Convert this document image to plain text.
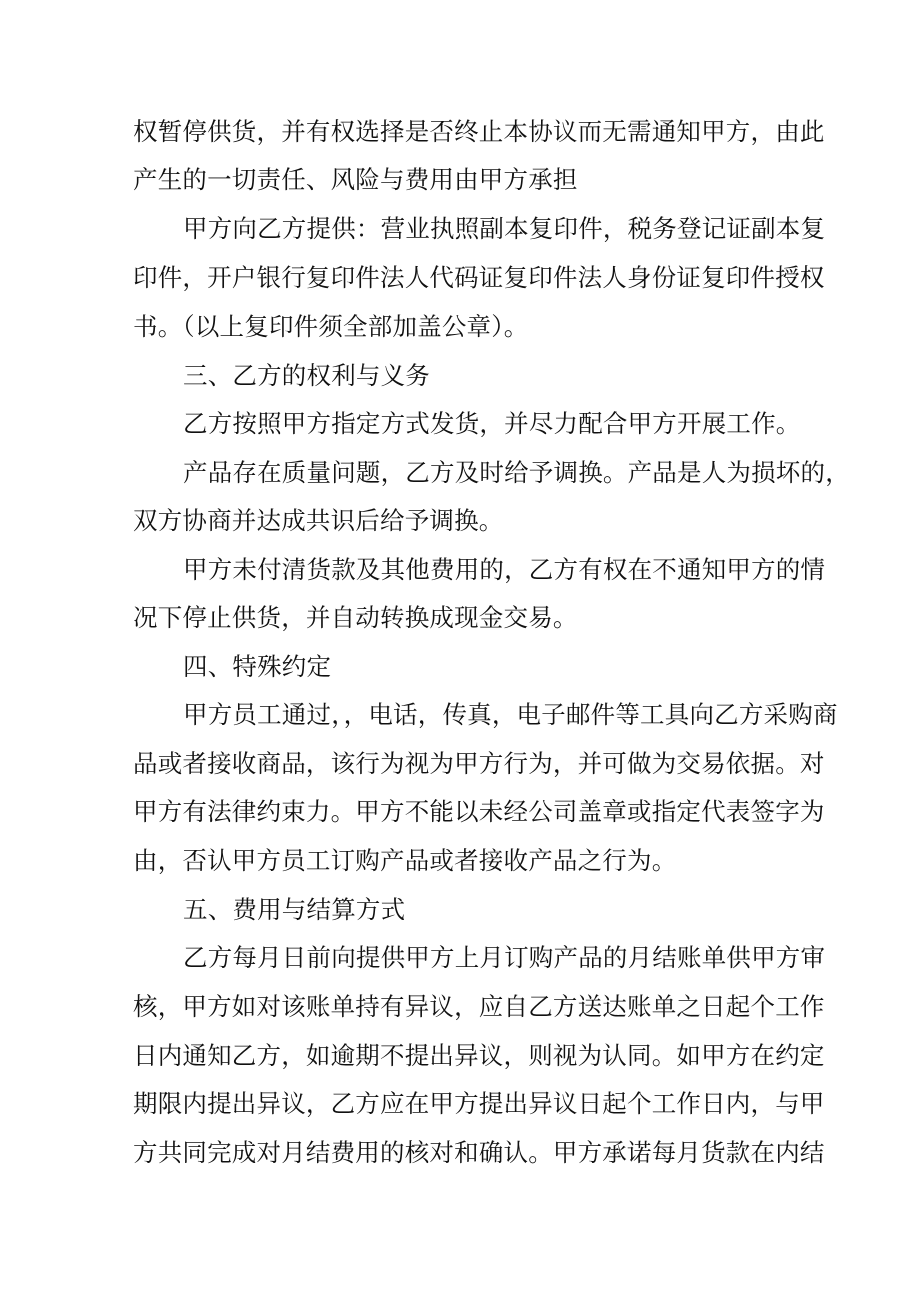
权暂停供货，并有权选择是否终止本协议而无需通知甲方，由此
产生的一切责任、风险与费用由甲方承担
甲方向乙方提供：营业执照副本复印件，税务登记证副本复
印件，开户银行复印件法人代码证复印件法人身份证复印件授权
书。（以上复印件须全部加盖公章）。
三、乙方的权利与义务
乙方按照甲方指定方式发货，并尽力配合甲方开展工作。
产品存在质量问题，乙方及时给予调换。产品是人为损坏的，
双方协商并达成共识后给予调换。
甲方未付清货款及其他费用的，乙方有权在不通知甲方的情
况下停止供货，并自动转换成现金交易。
四、特殊约定
甲方员工通过，，电话，传真，电子邮件等工具向乙方采购商
品或者接收商品，该行为视为甲方行为，并可做为交易依据。对
甲方有法律约束力。甲方不能以未经公司盖章或指定代表签字为
由，否认甲方员工订购产品或者接收产品之行为。
五、费用与结算方式
乙方每月日前向提供甲方上月订购产品的月结账单供甲方审
核，甲方如对该账单持有异议，应自乙方送达账单之日起个工作
日内通知乙方，如逾期不提出异议，则视为认同。如甲方在约定
期限内提出异议，乙方应在甲方提出异议日起个工作日内，与甲
方共同完成对月结费用的核对和确认。甲方承诺每月货款在内结
